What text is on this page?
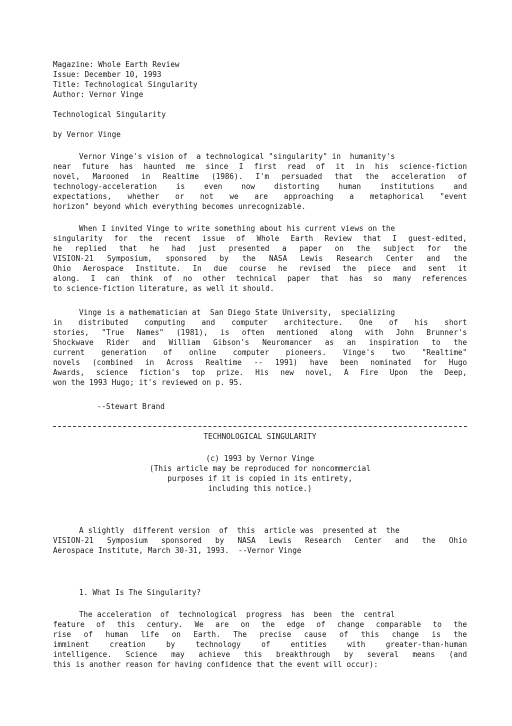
Magazine: Whole Earth Review
Issue: December 10, 1993
Title: Technological Singularity
Author: Vernor Vinge
Technological Singularity
by Vernor Vinge
Vernor Vinge's vision of  a technological "singularity" in  humanity's
near future has haunted me since I first read of it in his science-fiction
novel, Marooned in Realtime (1986). I'm persuaded that the acceleration of
technology-acceleration is even now distorting human institutions and
expectations, whether or not we are approaching a metaphorical "event
horizon" beyond which everything becomes unrecognizable.
When I invited Vinge to write something about his current views on the
singularity for the recent issue of Whole Earth Review that I guest-edited,
he replied that he had just presented a paper on the subject for the
VISION-21 Symposium, sponsored by the NASA Lewis Research Center and the
Ohio Aerospace Institute. In due course he revised the piece and sent it
along. I can think of no other technical paper that has so many references
to science-fiction literature, as well it should.
Vinge is a mathematician at  San Diego State University,  specializing
in distributed computing and computer architecture. One of his short
stories, "True Names" (1981), is often mentioned along with John Brunner's
Shockwave Rider and William Gibson's Neuromancer as an inspiration to the
current generation of online computer pioneers. Vinge's two "Realtime"
novels (combined in Across Realtime -- 1991) have been nominated for Hugo
Awards, science fiction's top prize. His new novel, A Fire Upon the Deep,
won the 1993 Hugo; it's reviewed on p. 95.
--Stewart Brand
TECHNOLOGICAL SINGULARITY
(c) 1993 by Vernor Vinge
(This article may be reproduced for noncommercial
purposes if it is copied in its entirety,
including this notice.)
A slightly  different version  of  this  article was  presented at  the
VISION-21 Symposium sponsored by NASA Lewis Research Center and the Ohio
Aerospace Institute, March 30-31, 1993.  --Vernor Vinge
1. What Is The Singularity?
The acceleration  of  technological  progress  has  been  the  central
feature of this century. We are on the edge of change comparable to the
rise of human life on Earth. The precise cause of this change is the
imminent creation by technology of entities with greater-than-human
intelligence. Science may achieve this breakthrough by several means (and
this is another reason for having confidence that the event will occur):
